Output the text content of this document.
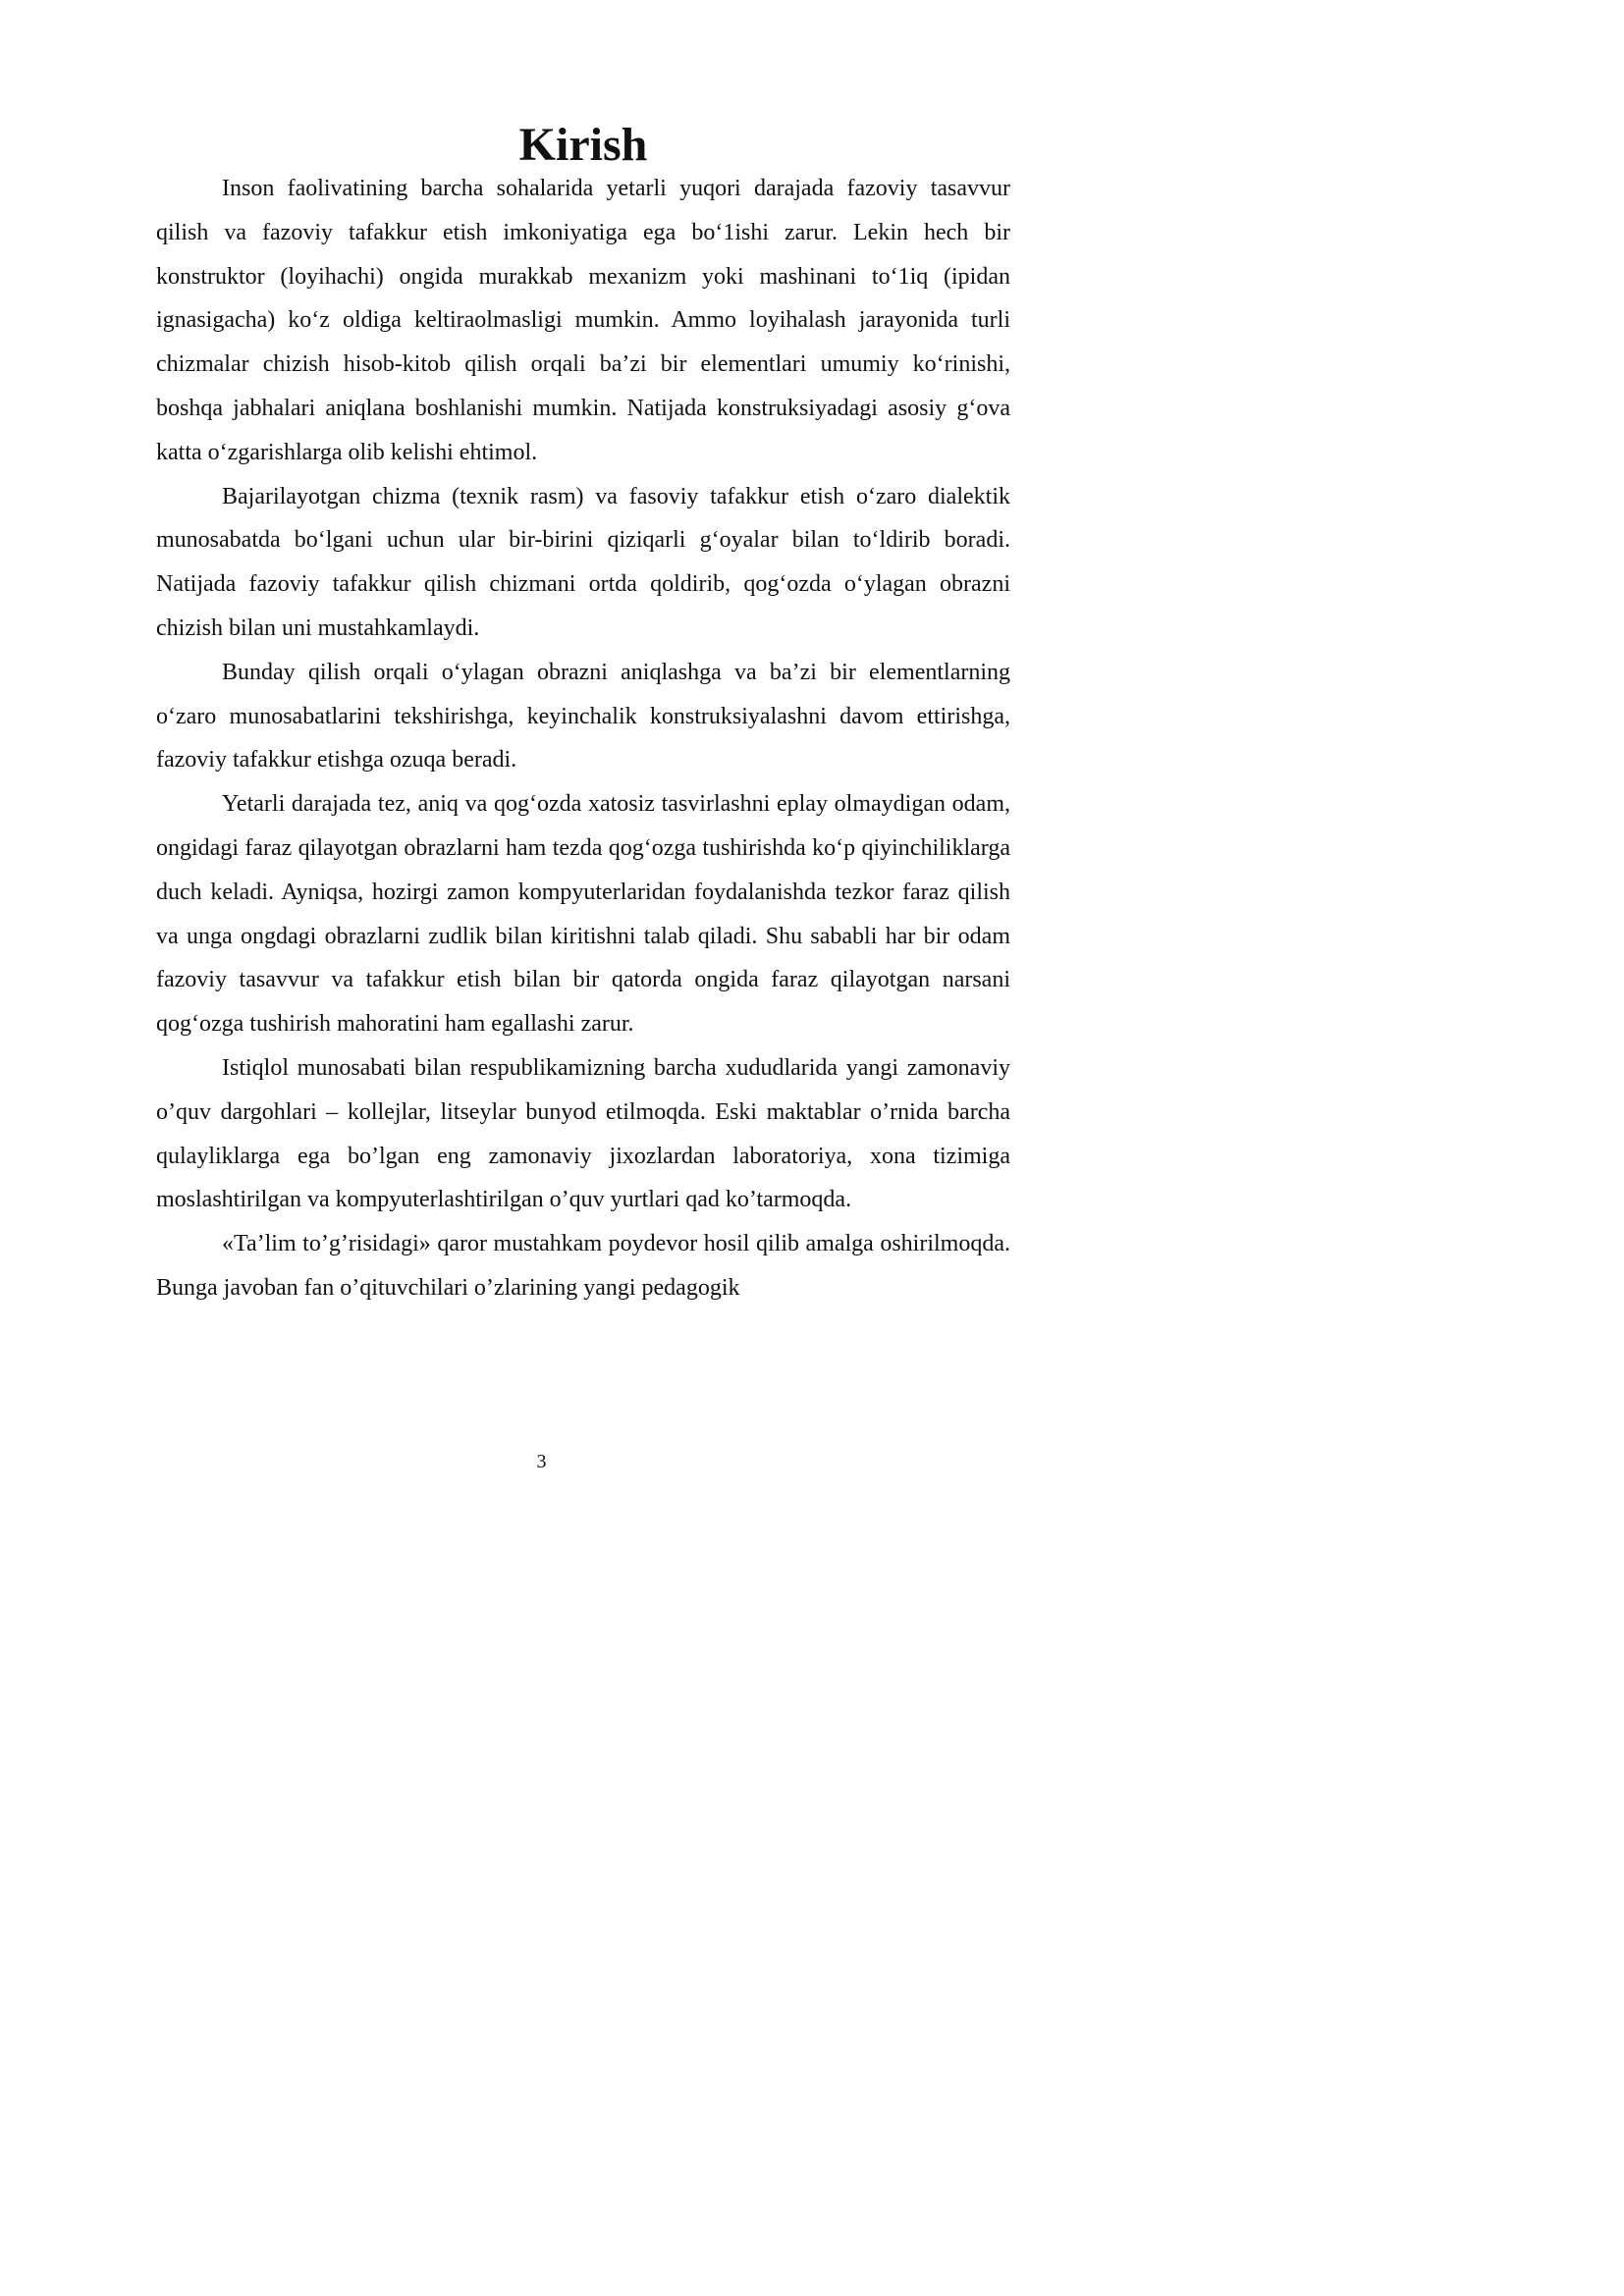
Kirish

Inson faolivatining barcha sohalarida yetarli yuqori darajada fazoviy tasavvur qilish va fazoviy tafakkur etish imkoniyatiga ega bo‘1ishi zarur. Lekin hech bir konstruktor (loyihachi) ongida murakkab mexanizm yoki mashinani to‘1iq (ipidan ignasigacha) ko‘z oldiga keltiraolmasligi mumkin. Ammo loyihalash jarayonida turli chizmalar chizish hisob-kitob qilish orqali ba’zi bir elementlari umumiy ko‘rinishi, boshqa jabhalari aniqlana boshlanishi mumkin. Natijada konstruksiyadagi asosiy g‘ova katta o‘zgarishlarga olib kelishi ehtimol.

Bajarilayotgan chizma (texnik rasm) va fasoviy tafakkur etish o‘zaro dialektik munosabatda bo‘lgani uchun ular bir-birini qiziqarli g‘oyalar bilan to‘ldirib boradi. Natijada fazoviy tafakkur qilish chizmani ortda qoldirib, qog‘ozda o‘ylagan obrazni chizish bilan uni mustahkamlaydi.

Bunday qilish orqali o‘ylagan obrazni aniqlashga va ba’zi bir elementlarning o‘zaro munosabatlarini tekshirishga, keyinchalik konstruksiyalashni davom ettirishga, fazoviy tafakkur etishga ozuqa beradi.

Yetarli darajada tez, aniq va qog‘ozda xatosiz tasvirlashni eplay olmaydigan odam, ongidagi faraz qilayotgan obrazlarni ham tezda qog‘ozga tushirishda ko‘p qiyinchiliklarga duch keladi. Ayniqsa, hozirgi zamon kompyuterlaridan foydalanishda tezkor faraz qilish va unga ongdagi obrazlarni zudlik bilan kiritishni talab qiladi. Shu sababli har bir odam fazoviy tasavvur va tafakkur etish bilan bir qatorda ongida faraz qilayotgan narsani qog‘ozga tushirish mahoratini ham egallashi zarur.

Istiqlol munosabati bilan respublikamizning barcha xududlarida yangi zamonaviy o’quv dargohlari – kollejlar, litseylar bunyod etilmoqda. Eski maktablar o’rnida barcha qulayliklarga ega bo’lgan eng zamonaviy jixozlardan laboratoriya, xona tizimiga moslashtirilgan va kompyuterlashtirilgan o’quv yurtlari qad ko’tarmoqda.

«Ta’lim to’g’risidagi» qaror mustahkam poydevor hosil qilib amalga oshirilmoqda. Bunga javoban fan o’qituvchilari o’zlarining yangi pedagogik

3
